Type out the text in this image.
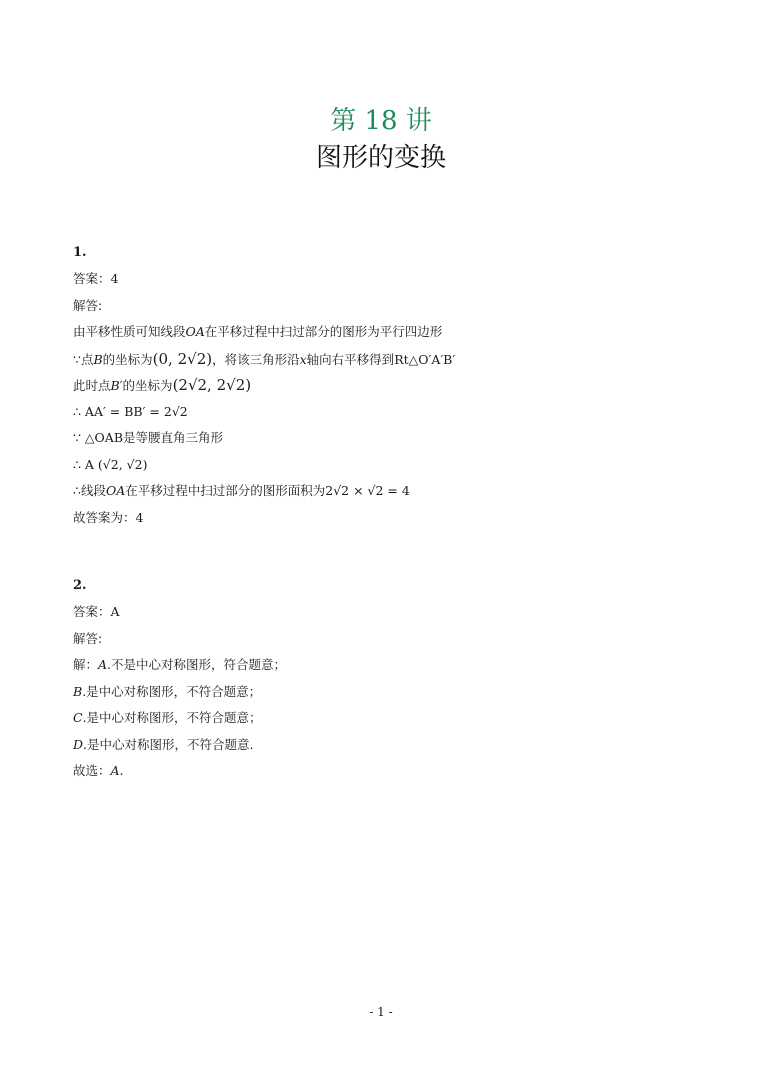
第 18 讲
图形的变换
1.
答案：4
解答:
由平移性质可知线段OA在平移过程中扫过部分的图形为平行四边形
∵点B的坐标为(0, 2√2)，将该三角形沿x轴向右平移得到Rt△O′A′B′
此时点B′的坐标为(2√2, 2√2)
∴ AA′ = BB′ = 2√2
∵ △OAB是等腰直角三角形
∴ A (√2, √2)
∴线段OA在平移过程中扫过部分的图形面积为2√2 × √2 = 4
故答案为：4
2.
答案：A
解答:
解：A.不是中心对称图形，符合题意；
B.是中心对称图形，不符合题意；
C.是中心对称图形，不符合题意；
D.是中心对称图形，不符合题意.
故选：A.
- 1 -
